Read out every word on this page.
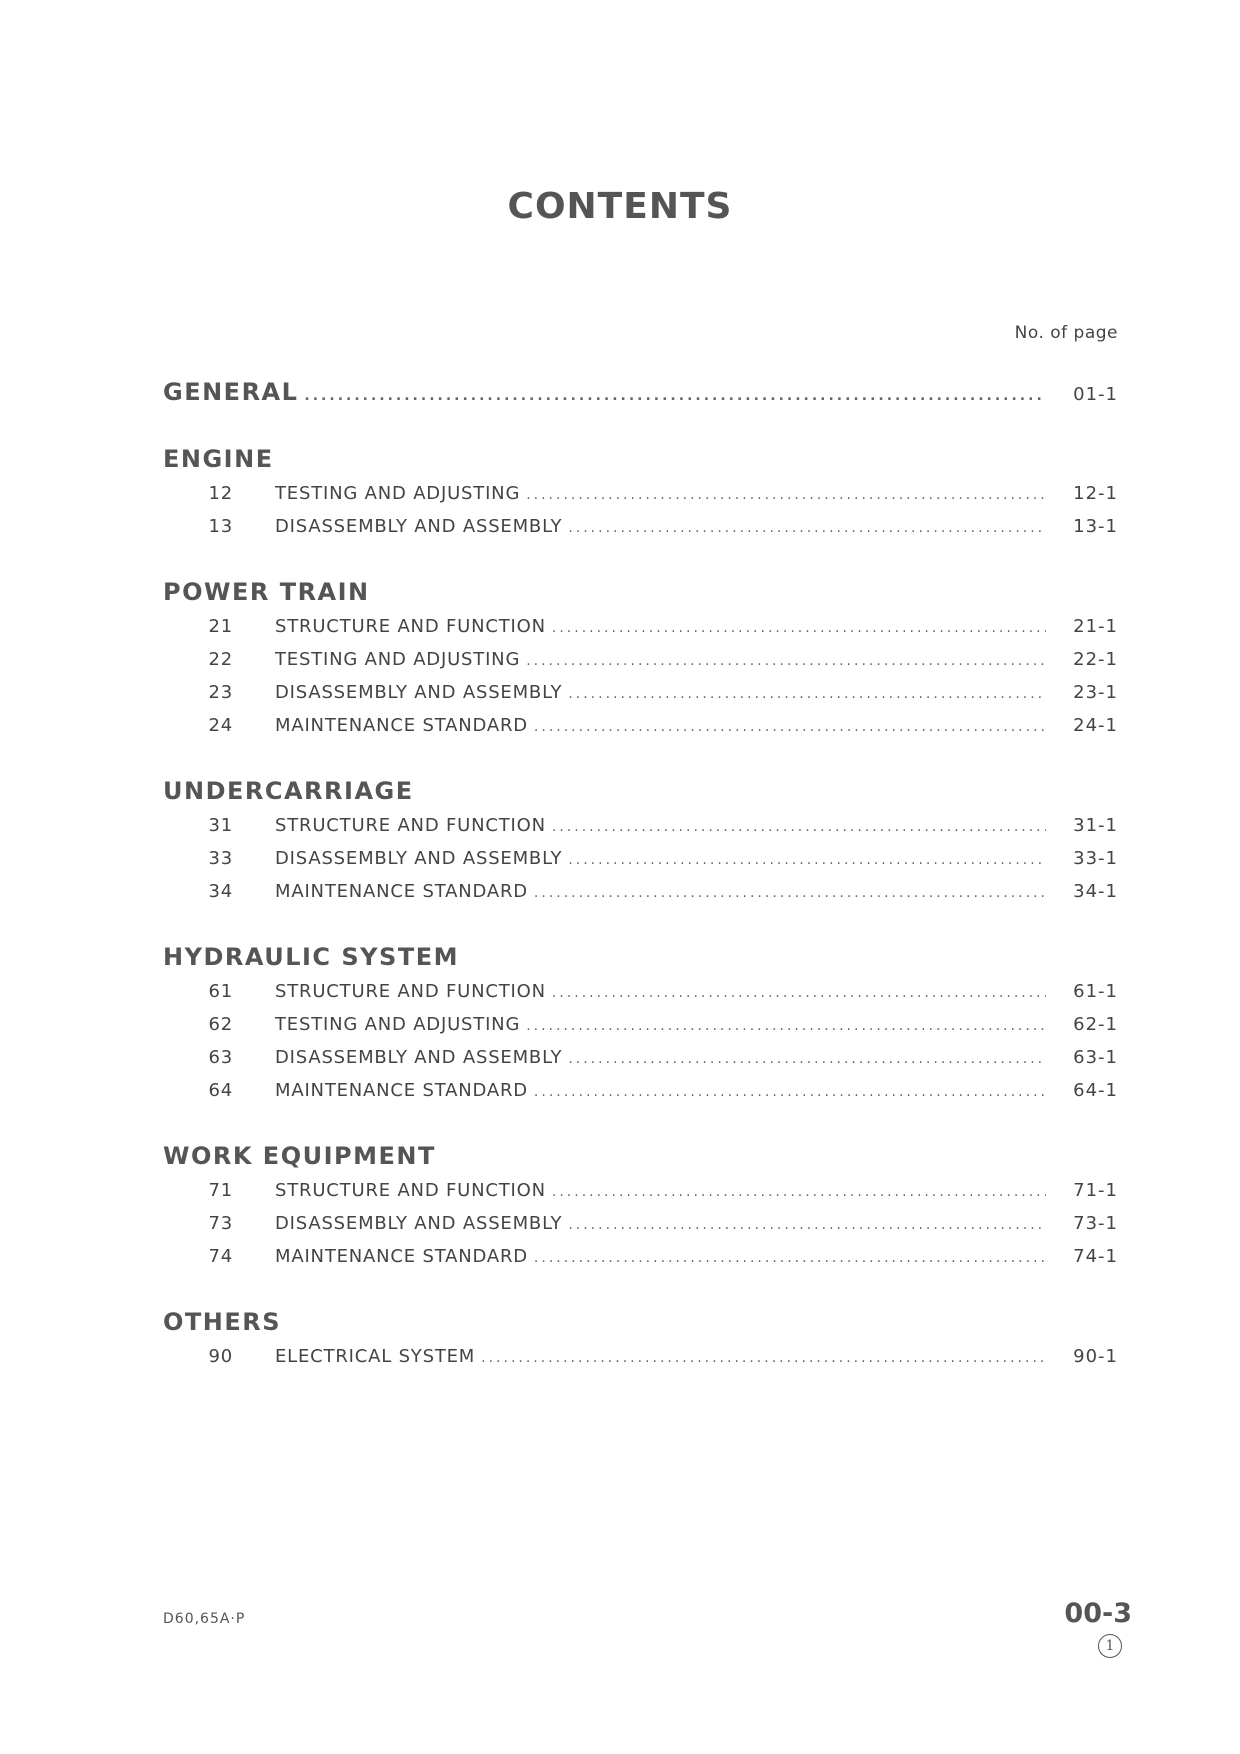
CONTENTS
No. of page
GENERAL .....	01-1
ENGINE
12	TESTING AND ADJUSTING .....	12-1
13	DISASSEMBLY AND ASSEMBLY .....	13-1
POWER TRAIN
21	STRUCTURE AND FUNCTION .....	21-1
22	TESTING AND ADJUSTING .....	22-1
23	DISASSEMBLY AND ASSEMBLY .....	23-1
24	MAINTENANCE STANDARD .....	24-1
UNDERCARRIAGE
31	STRUCTURE AND FUNCTION .....	31-1
33	DISASSEMBLY AND ASSEMBLY .....	33-1
34	MAINTENANCE STANDARD .....	34-1
HYDRAULIC SYSTEM
61	STRUCTURE AND FUNCTION .....	61-1
62	TESTING AND ADJUSTING .....	62-1
63	DISASSEMBLY AND ASSEMBLY .....	63-1
64	MAINTENANCE STANDARD .....	64-1
WORK EQUIPMENT
71	STRUCTURE AND FUNCTION .....	71-1
73	DISASSEMBLY AND ASSEMBLY .....	73-1
74	MAINTENANCE STANDARD .....	74-1
OTHERS
90	ELECTRICAL SYSTEM .....	90-1
D60,65A·P	00-3
1
